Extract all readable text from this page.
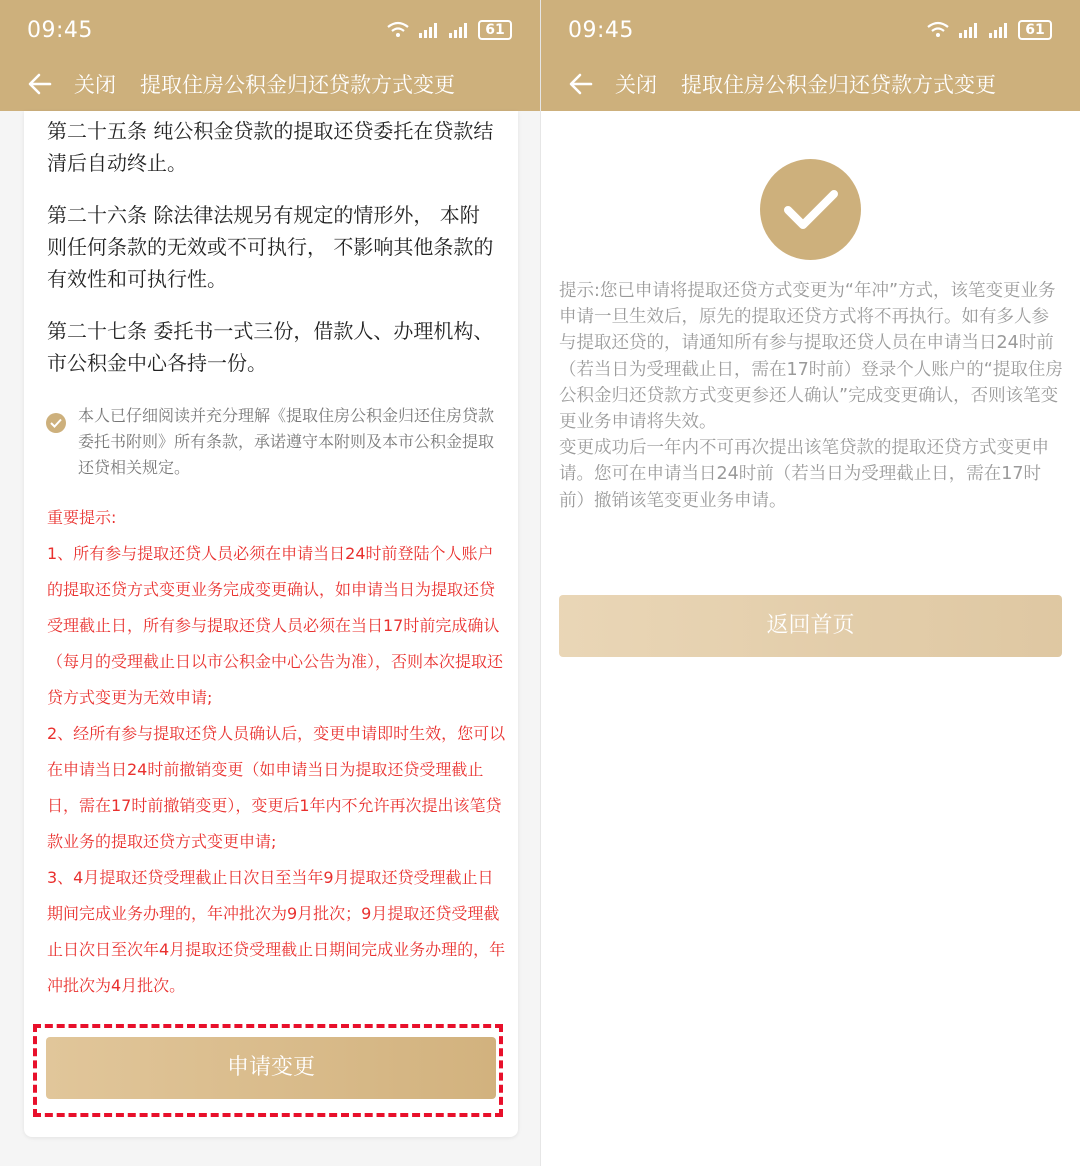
09:45	61
关闭 提取住房公积金归还贷款方式变更
第二十五条 纯公积金贷款的提取还贷委托在贷款结清后自动终止。
第二十六条 除法律法规另有规定的情形外， 本附则任何条款的无效或不可执行， 不影响其他条款的有效性和可执行性。
第二十七条 委托书一式三份，借款人、办理机构、市公积金中心各持一份。
本人已仔细阅读并充分理解《提取住房公积金归还住房贷款委托书附则》所有条款，承诺遵守本附则及本市公积金提取还贷相关规定。
重要提示:
1、所有参与提取还贷人员必须在申请当日24时前登陆个人账户的提取还贷方式变更业务完成变更确认，如申请当日为提取还贷受理截止日，所有参与提取还贷人员必须在当日17时前完成确认（每月的受理截止日以市公积金中心公告为准），否则本次提取还贷方式变更为无效申请;
2、经所有参与提取还贷人员确认后，变更申请即时生效，您可以在申请当日24时前撤销变更（如申请当日为提取还贷受理截止日，需在17时前撤销变更），变更后1年内不允许再次提出该笔贷款业务的提取还贷方式变更申请;
3、4月提取还贷受理截止日次日至当年9月提取还贷受理截止日期间完成业务办理的，年冲批次为9月批次；9月提取还贷受理截止日次日至次年4月提取还贷受理截止日期间完成业务办理的，年冲批次为4月批次。
申请变更
09:45	61
关闭 提取住房公积金归还贷款方式变更
提示:您已申请将提取还贷方式变更为“年冲”方式，该笔变更业务申请一旦生效后，原先的提取还贷方式将不再执行。如有多人参与提取还贷的，请通知所有参与提取还贷人员在申请当日24时前（若当日为受理截止日，需在17时前）登录个人账户的“提取住房公积金归还贷款方式变更参还人确认”完成变更确认，否则该笔变更业务申请将失效。
变更成功后一年内不可再次提出该笔贷款的提取还贷方式变更申请。您可在申请当日24时前（若当日为受理截止日，需在17时前）撤销该笔变更业务申请。
返回首页
